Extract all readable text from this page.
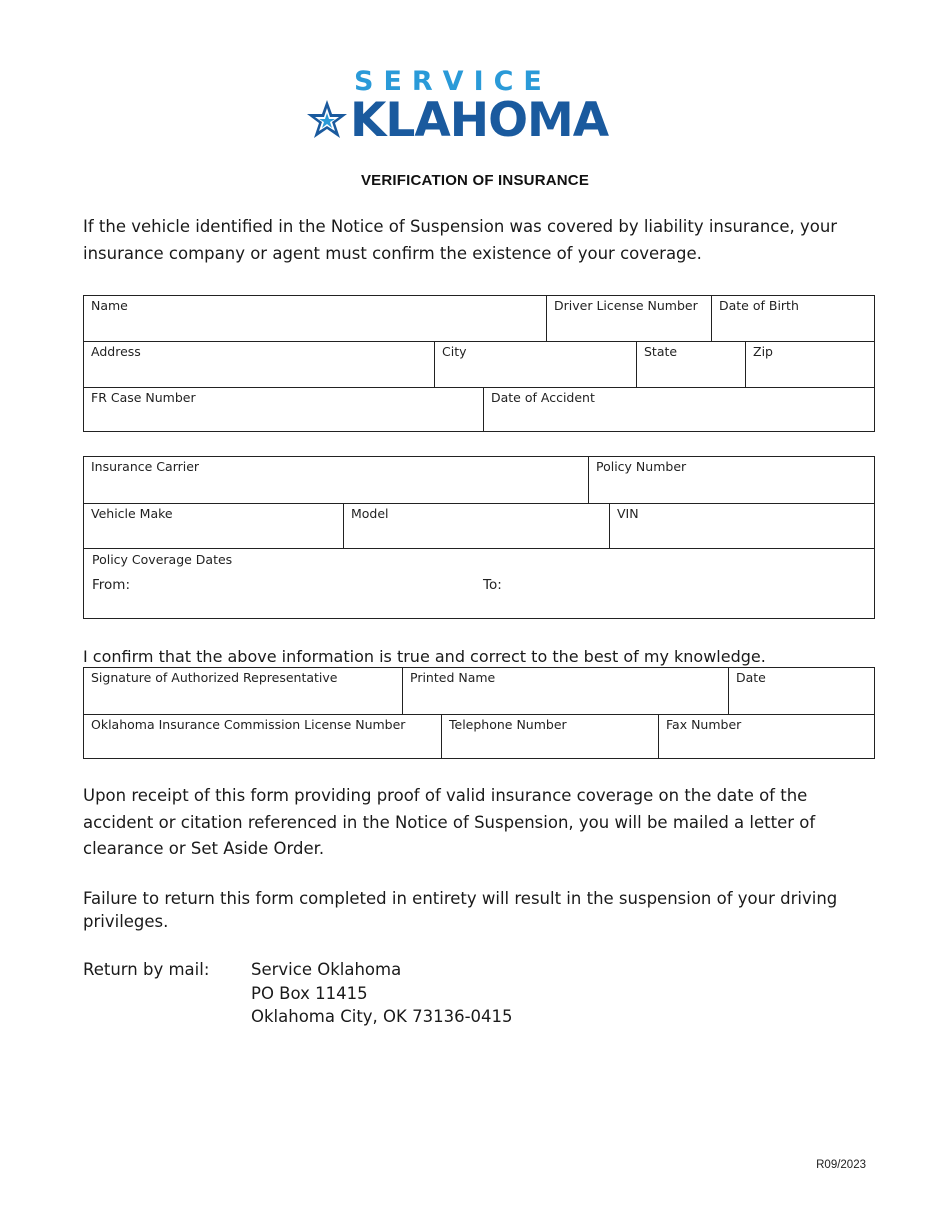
SERVICE
KLAHOMA
VERIFICATION OF INSURANCE
If the vehicle identified in the Notice of Suspension was covered by liability insurance, your insurance company or agent must confirm the existence of your coverage.
Name	Driver License Number	Date of Birth
Address	City	State	Zip
FR Case Number	Date of Accident
Insurance Carrier	Policy Number
Vehicle Make	Model	VIN
Policy Coverage Dates
From:	To:
I confirm that the above information is true and correct to the best of my knowledge.
Signature of Authorized Representative	Printed Name	Date
Oklahoma Insurance Commission License Number	Telephone Number	Fax Number
Upon receipt of this form providing proof of valid insurance coverage on the date of the accident or citation referenced in the Notice of Suspension, you will be mailed a letter of clearance or Set Aside Order.
Failure to return this form completed in entirety will result in the suspension of your driving privileges.
Return by mail:	Service Oklahoma
PO Box 11415
Oklahoma City, OK 73136-0415
R09/2023
